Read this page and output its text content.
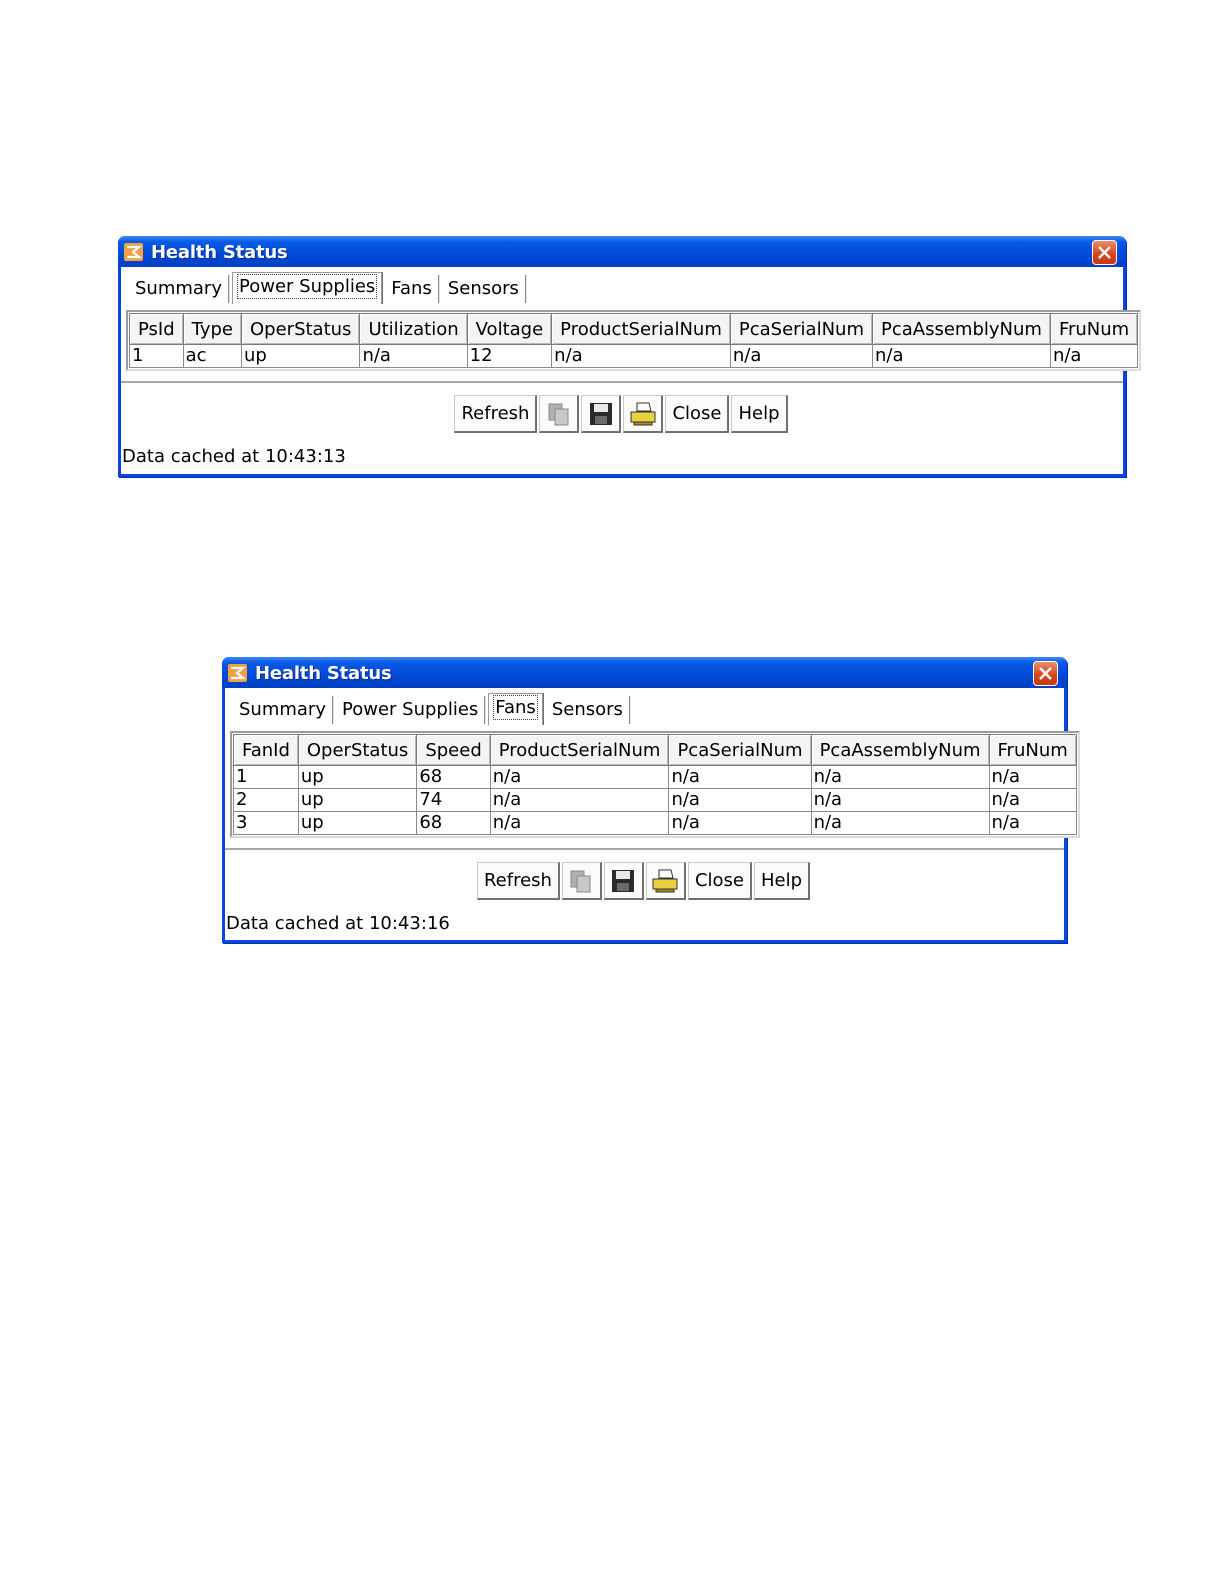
Health Status
Summary Power Supplies Fans Sensors
PsId	Type	OperStatus	Utilization	Voltage	ProductSerialNum	PcaSerialNum	PcaAssemblyNum	FruNum
1	ac	up	n/a	12	n/a	n/a	n/a	n/a
Refresh	Close Help
Data cached at 10:43:13
Health Status
Summary Power Supplies Fans Sensors
FanId	OperStatus	Speed	ProductSerialNum	PcaSerialNum	PcaAssemblyNum	FruNum
1	up	68	n/a	n/a	n/a	n/a
2	up	74	n/a	n/a	n/a	n/a
3	up	68	n/a	n/a	n/a	n/a
Refresh	Close Help
Data cached at 10:43:16
